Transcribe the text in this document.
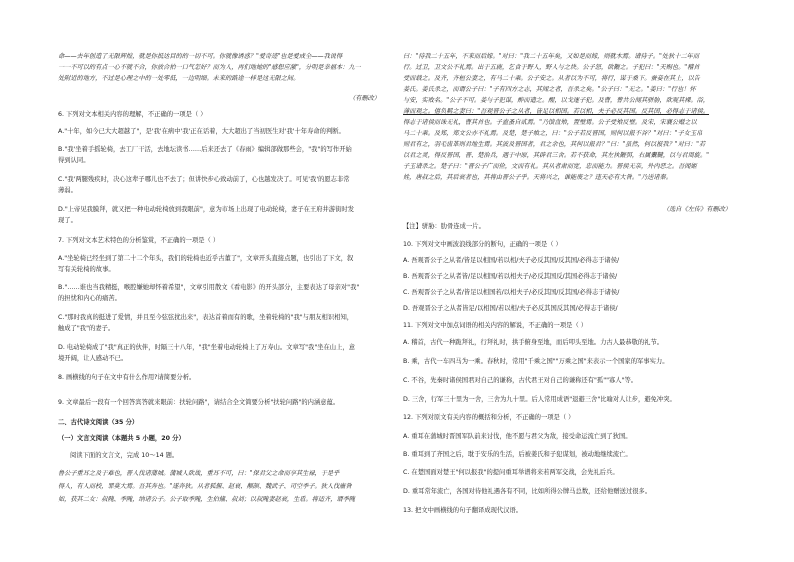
命——去年创造了无限辉煌，就是你抵达目的的一切不可。你就像诱惑？"爱奇迹"也是爱成全——我说得
一一不可以的有点一心不就不合，你放合拍一口气怎好？而为人，再们地她的"感想应激"，分明是幸福本：九一
处附近的地方，不过是心理之中的一处零低，一边明细。未来的路途一样是这无限之间。
（有删改）
6. 下列对文本相关内容的理解，不正确的一项是（ ）
A."十年，如今已大大超越了"，是'我'在病中'我'正在话着，大大超出了当初医生对'我'十年寿命的判断。
B."我'坐着手摇轮椅，去工厂干活，去地坛读书……后来还去了《春雨》编辑部做那些会，"我"的写作开始
得到认同。
C."我'两腿残疾时，决心这辈子哪儿也不去了；但讲快步心致动前了，心也越发决了。可见'我'的愿志非常
薄弱。
D."上帝见我膜拜，就又把一种电动轮椅放到我眼前"，意为市场上出现了电动轮椅，妻子在王府井游街时发
现了。
7. 下列对文本艺术特色的分析鉴赏，不正确的一项是（ ）
A."坐轮椅已经坐到了第二十二个年头，我们的轮椅也近乎古董了"，文章开头直接点题，也引出了下文，叙
写有关轮椅的故事。
B."……谁也当我精挺，喉腔嫌她却怀着希望"，文章引用散文《看电影》的开头部分，主要表达了母亲对"我"
的担忧和内心的痛苦。
C."那时我真的挺进了爱情，并且至今弦弦扰出来"，表达首着而有的歌，坐着轮椅的"我"与朋友相识相知，
触成了"我"的妻子。
D. 电动轮椅成了"我"真正的伙伴，时隔三十八年，"我"坐着电动轮椅上了万寿山。文章写"我"坐在山上，意
境开阔，让人感动不已。
8. 画横线的句子在文中有什么作用?请简要分析。
9. 文章最后一段有一个回答宾答就来眼前：扶轮问路"，请结合全文简要分析"扶轮问路"的内涵意蕴。
二、古代诗文阅读（35 分）
（一）文言文阅读（本题共 5 小题，20 分）
阅读下面的文言文，完成 10～14 题。
鲁公子重耳之及于难也，晋人伐诸蒲城。蒲城人欲战，重耳不可，曰："保君父之命而享其生禄，于是乎
得人，有人而校，罪莫大焉。吾其奔也。"遂奔狄。从者狐偃、赵衰、颠颉、魏武子、司空季子。狄人伐廧咎
如，获其二女：叔隗、季隗，纳诸公子。公子取季隗，生伯鯈、叔刘；以叔隗妻赵衰，生盾。将适齐，谓季隗
曰："待我二十五年，不来而后嫁。"对曰："我二十五年矣，又如是而嫁，则就木焉。请待子。"处狄十二年而
行。过卫，卫文公不礼焉。出于五鹿，乞食于野人，野人与之块。公子怒，欲鞭之。子犯曰："天赐也。"稽首
受而载之。及齐，齐桓公妻之，有马二十乘。公子安之。从者以为不可，将行，谋于桑下。蚕妾在其上，以告
姜氏。姜氏杀之，而谓公子曰："子有四方之志，其闻之者，吾杀之矣。"公子曰："无之。"姜曰："行也！怀
与安，实败名。"公子不可。姜与子犯谋，醉而遣之。醒，以戈逐子犯。及曹，曹共公闻其骈胁，欲观其裸。浴，
薄而观之。僖负羁之妻曰："吾观晋公子之从者，皆足以相国。若以相，夫子必反其国。反其国，必得志于诸侯。
得志于诸侯而诛无礼，曹其首也。子盍蚤自贰焉。"乃馈盘飧，置璧焉。公子受飧反璧。及宋，宋襄公赠之以
马二十乘。及郑，郑文公亦不礼焉。及楚，楚子飨之，曰："公子若反晋国，则何以报不谷？"对曰："子女玉帛
则君有之，羽毛齿革则君地生焉。其波及晋国者，君之余也，其何以报君？"曰："虽然，何以报我？"对曰："若
以君之灵，得反晋国，晋、楚治兵，遇于中原，其辟君三舍。若不获命，其左执鞭弭，右属櫜鞬，以与君周旋。"
子玉请杀之。楚子曰："晋公子广而俭，文而有礼。其从者肃而宽，忠而能力。晋侯无亲，外内恶之。吾闻姬
姓，唐叔之后，其后衰者也，其将由晋公子乎。天将兴之，谁能废之？违天必有大咎。"乃送诸秦。
（选自《左传》有删改）
【注】骈胁：肋骨连成一片。
10. 下列对文中画波浪线部分的断句，正确的一项是（ ）
A. 吾观晋公子之从者/皆足以相国/若以相/夫子必反其国/反其国/必得志于诸侯/
B. 吾观晋公子之从者皆/足以相国/若以相夫子/必反其国反/其国必得志于诸侯/
C. 吾观晋公子之从者/皆足以相国若/以相夫子/必反其国/反其国/必得志于诸侯/
D. 吾观晋公子之从者皆足/以相国/若以相/夫子必反其国反其国/必得志于诸侯/
11. 下列对文中加点词语的相关内容的解说，不正确的一项是（ ）
A. 稽首，古代一种跪拜礼，行拜礼时，拱手俯身至地，而后叩头至地。力古人最恭敬的礼节。
B. 乘，古代一车四马为一乘。春秋时，常用"千乘之国""万乘之国"来表示一个国家的军事实力。
C. 不谷，先秦时诸侯国君对自己的谦称，古代君王对自己的谦称还有"孤""寡人"等。
D. 三舍，行军三十里为一舍，三舍为九十里。后人常用成语"退避三舍"比喻对人让步，避免冲突。
12. 下列对原文有关内容的概括和分析，不正确的一项是（ ）
A. 重耳在蒲城时晋国军队前来讨伐，他不愿与君父为敌，接受命运流亡到了狄国。
B. 重耳到了齐国之后，耽于安乐的生活，后被姜氏和子犯谋划，被动地继续流亡。
C. 在楚国面对楚王"何以报我"的提问重耳举谱将来若两军交战，会先礼后兵。
D. 重耳常年流亡，各国对待他礼遇各有不同，比如所得公牌马总数，还给他赠送过很多。
13. 把文中画横线的句子翻译成现代汉语。
